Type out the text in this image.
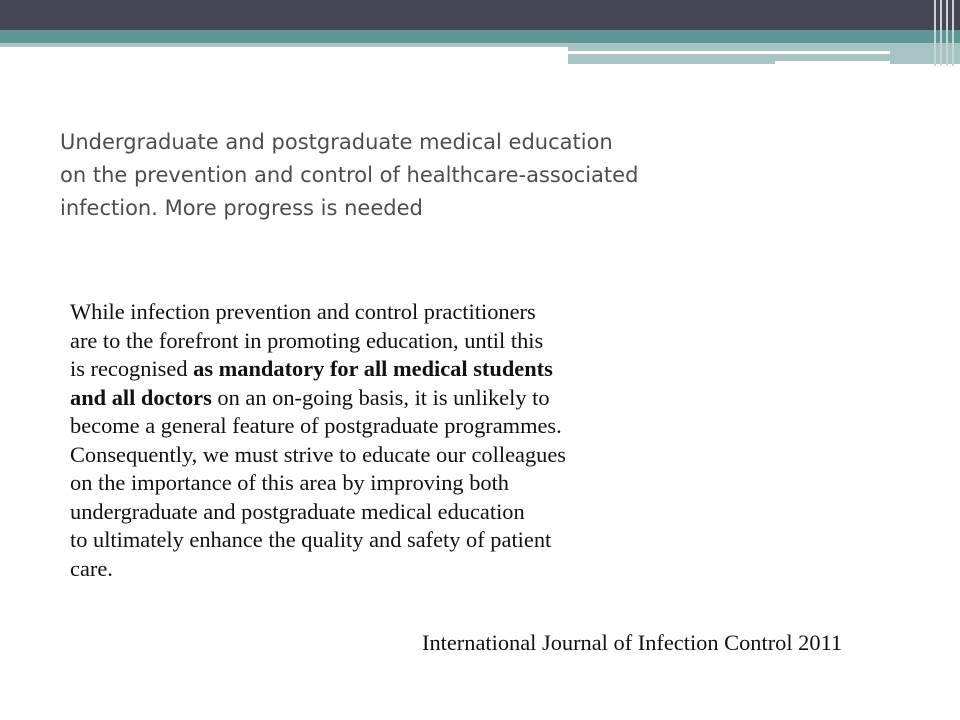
Undergraduate and postgraduate medical education
on the prevention and control of healthcare-associated
infection. More progress is needed
While infection prevention and control practitioners
are to the forefront in promoting education, until this
is recognised as mandatory for all medical students
and all doctors on an on-going basis, it is unlikely to
become a general feature of postgraduate programmes.
Consequently, we must strive to educate our colleagues
on the importance of this area by improving both
undergraduate and postgraduate medical education
to ultimately enhance the quality and safety of patient
care.

International Journal of Infection Control 2011
